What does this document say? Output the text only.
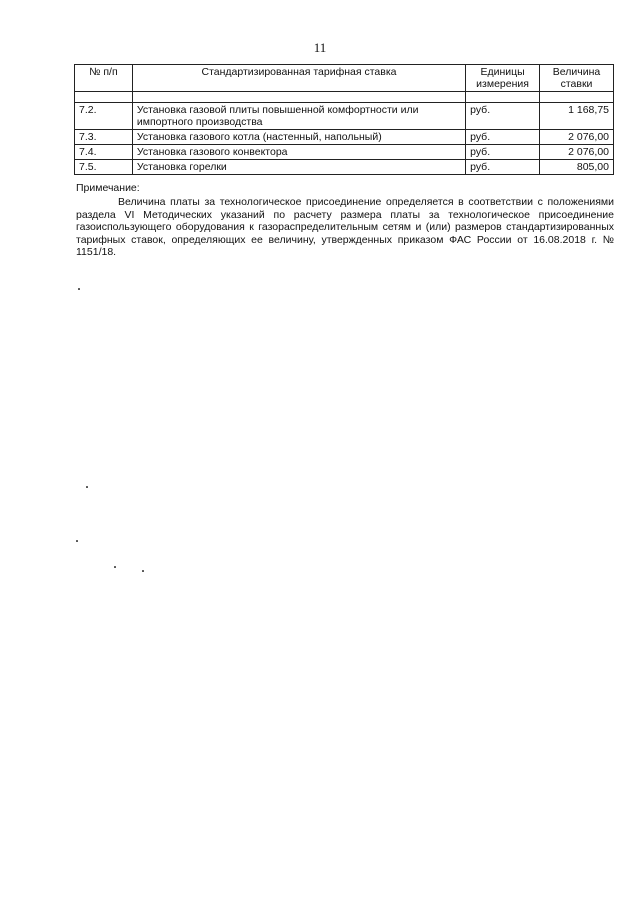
11
№ п/п	Стандартизированная тарифная ставка	Единицы измерения	Величина ставки

7.2.	Установка газовой плиты повышенной комфортности или импортного производства	руб.	1 168,75
7.3.	Установка газового котла (настенный, напольный)	руб.	2 076,00
7.4.	Установка газового конвектора	руб.	2 076,00
7.5.	Установка горелки	руб.	805,00
Примечание:

Величина платы за технологическое присоединение определяется в соответствии с положениями раздела VI Методических указаний по расчету размера платы за технологическое присоединение газоиспользующего оборудования к газораспределительным сетям и (или) размеров стандартизированных тарифных ставок, определяющих ее величину, утвержденных приказом ФАС России от 16.08.2018 г. № 1151/18.
